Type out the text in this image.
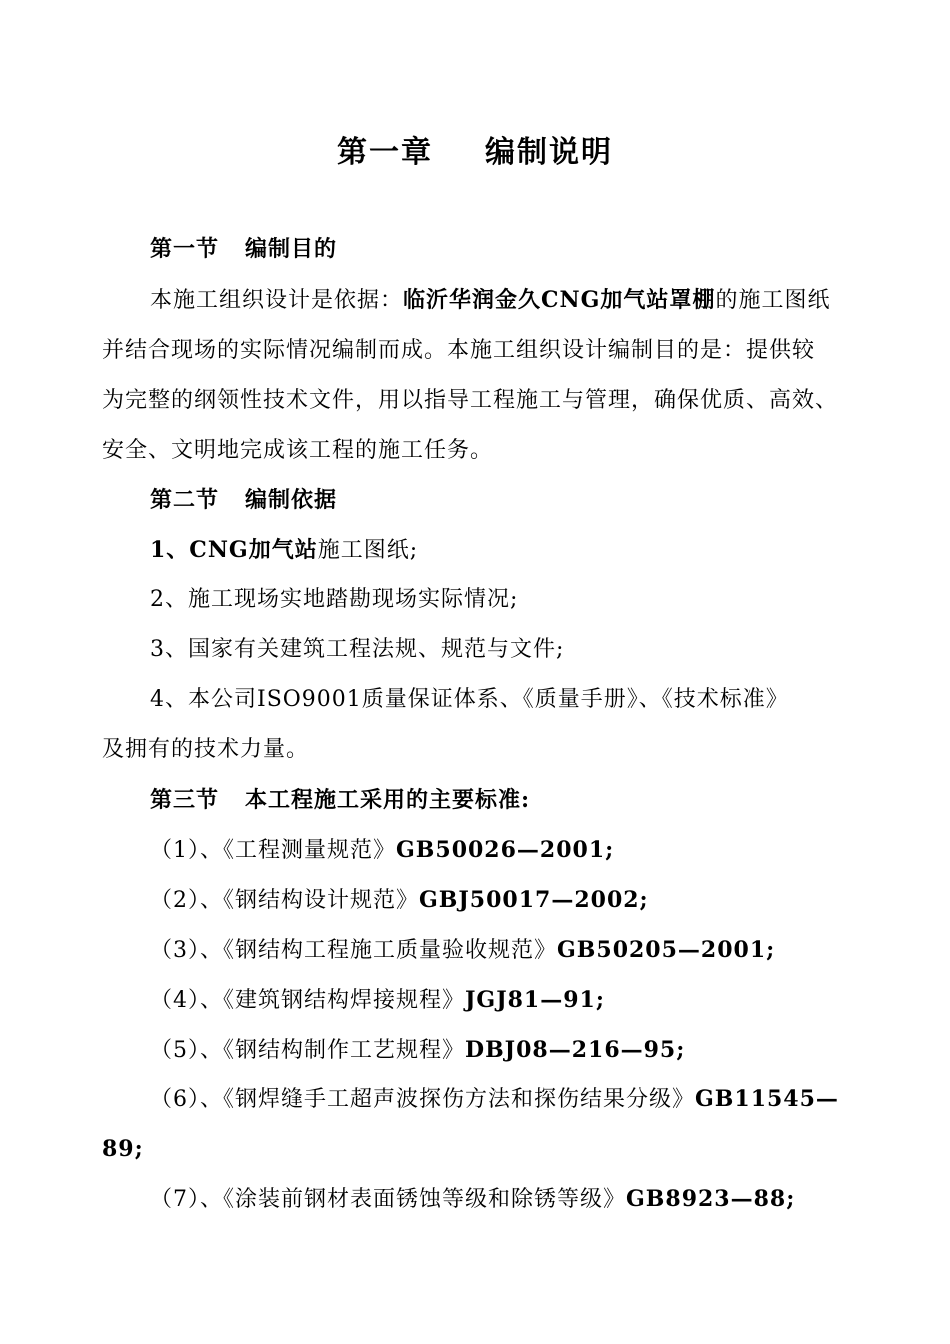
第一章 编制说明
第一节 编制目的
本施工组织设计是依据：临沂华润金久CNG加气站罩棚的施工图纸
并结合现场的实际情况编制而成。本施工组织设计编制目的是：提供较
为完整的纲领性技术文件，用以指导工程施工与管理，确保优质、高效、
安全、文明地完成该工程的施工任务。
第二节 编制依据
1、CNG加气站施工图纸;
2、施工现场实地踏勘现场实际情况;
3、国家有关建筑工程法规、规范与文件;
4、本公司ISO9001质量保证体系、《质量手册》、《技术标准》
及拥有的技术力量。
第三节 本工程施工采用的主要标准:
（1）、《工程测量规范》GB50026—2001;
（2）、《钢结构设计规范》GBJ50017—2002;
（3）、《钢结构工程施工质量验收规范》GB50205—2001;
（4）、《建筑钢结构焊接规程》JGJ81—91;
（5）、《钢结构制作工艺规程》DBJ08—216—95;
（6）、《钢焊缝手工超声波探伤方法和探伤结果分级》GB11545—
89;
（7）、《涂装前钢材表面锈蚀等级和除锈等级》GB8923—88;
